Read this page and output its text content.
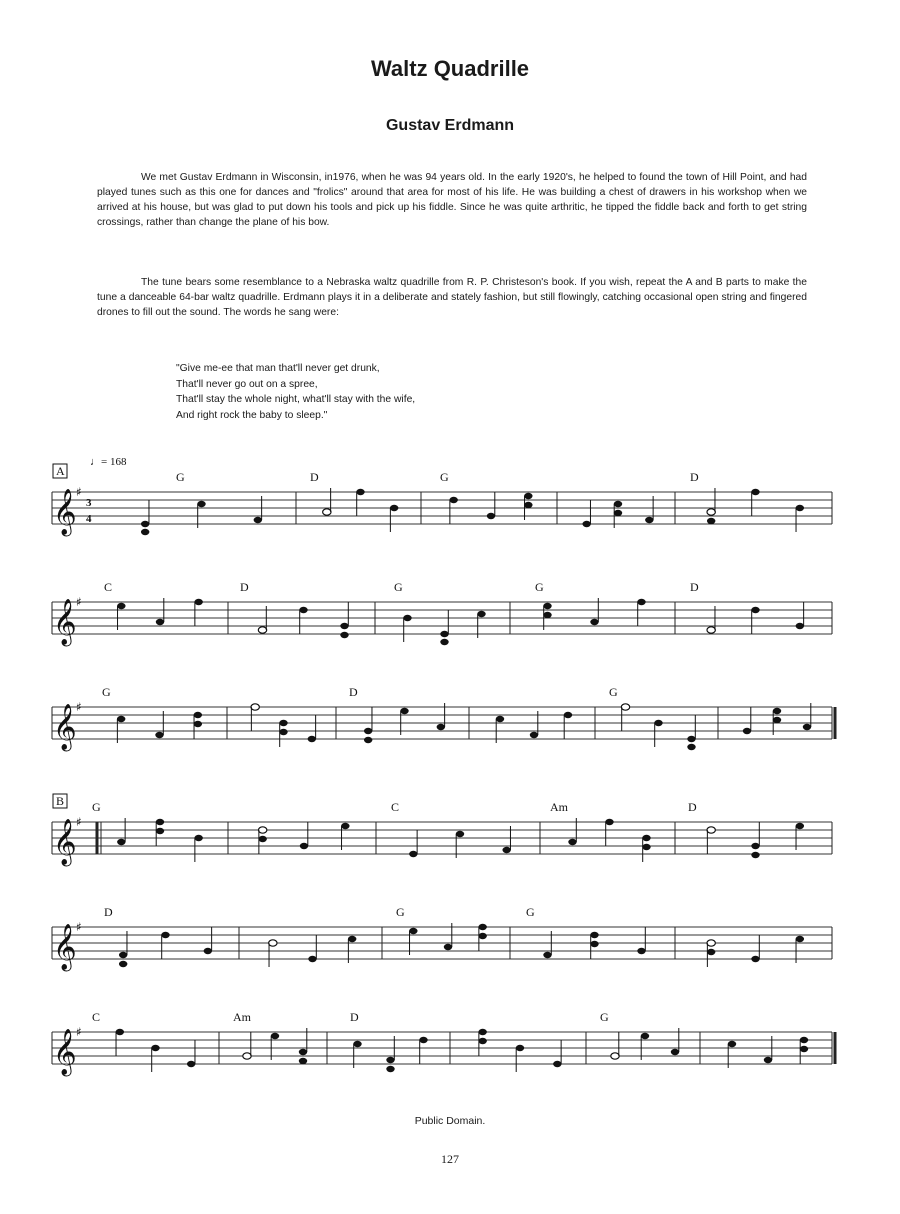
Waltz Quadrille
Gustav Erdmann

We met Gustav Erdmann in Wisconsin, in1976, when he was 94 years old. In the early 1920's, he helped to found the town of Hill Point, and had played tunes such as this one for dances and "frolics" around that area for most of his life. He was building a chest of drawers in his workshop when we arrived at his house, but was glad to put down his tools and pick up his fiddle. Since he was quite arthritic, he tipped the fiddle back and forth to get string crossings, rather than change the plane of his bow.

The tune bears some resemblance to a Nebraska waltz quadrille from R. P. Christeson's book. If you wish, repeat the A and B parts to make the tune a danceable 64-bar waltz quadrille. Erdmann plays it in a deliberate and stately fashion, but still flowingly, catching occasional open string and fingered drones to fill out the sound. The words he sang were:

"Give me-ee that man that'll never get drunk,
That'll never go out on a spree,
That'll stay the whole night, what'll stay with the wife,
And right rock the baby to sleep."
𝄞 ♯
3
4
A
♩= 168
G	D	G	D
𝄞 ♯
C	D	G	G	D
𝄞 ♯
G	D	G
𝄞 ♯
B G	C	Am	D
𝄞 ♯
D	G	G
𝄞 ♯
C	Am	D	G
Public Domain.
127
